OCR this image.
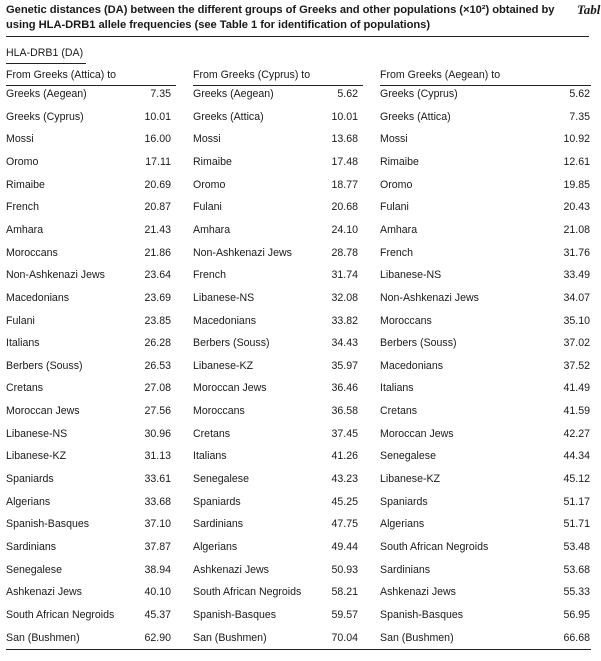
Genetic distances (DA) between the different groups of Greeks and other populations (×10²) obtained by
using HLA-DRB1 allele frequencies (see Table 1 for identification of populations)
Tabl
HLA-DRB1 (DA)
From Greeks (Attica) to	From Greeks (Cyprus) to	From Greeks (Aegean) to
Greeks (Aegean)	7.35
Greeks (Cyprus)	10.01
Mossi	16.00
Oromo	17.11
Rimaibe	20.69
French	20.87
Amhara	21.43
Moroccans	21.86
Non-Ashkenazi Jews	23.64
Macedonians	23.69
Fulani	23.85
Italians	26.28
Berbers (Souss)	26.53
Cretans	27.08
Moroccan Jews	27.56
Libanese-NS	30.96
Libanese-KZ	31.13
Spaniards	33.61
Algerians	33.68
Spanish-Basques	37.10
Sardinians	37.87
Senegalese	38.94
Ashkenazi Jews	40.10
South African Negroids	45.37
San (Bushmen)	62.90
Greeks (Aegean)	5.62
Greeks (Attica)	10.01
Mossi	13.68
Rimaibe	17.48
Oromo	18.77
Fulani	20.68
Amhara	24.10
Non-Ashkenazi Jews	28.78
French	31.74
Libanese-NS	32.08
Macedonians	33.82
Berbers (Souss)	34.43
Libanese-KZ	35.97
Moroccan Jews	36.46
Moroccans	36.58
Cretans	37.45
Italians	41.26
Senegalese	43.23
Spaniards	45.25
Sardinians	47.75
Algerians	49.44
Ashkenazi Jews	50.93
South African Negroids	58.21
Spanish-Basques	59.57
San (Bushmen)	70.04
Greeks (Cyprus)	5.62
Greeks (Attica)	7.35
Mossi	10.92
Rimaibe	12.61
Oromo	19.85
Fulani	20.43
Amhara	21.08
French	31.76
Libanese-NS	33.49
Non-Ashkenazi Jews	34.07
Moroccans	35.10
Berbers (Souss)	37.02
Macedonians	37.52
Italians	41.49
Cretans	41.59
Moroccan Jews	42.27
Senegalese	44.34
Libanese-KZ	45.12
Spaniards	51.17
Algerians	51.71
South African Negroids	53.48
Sardinians	53.68
Ashkenazi Jews	55.33
Spanish-Basques	56.95
San (Bushmen)	66.68
